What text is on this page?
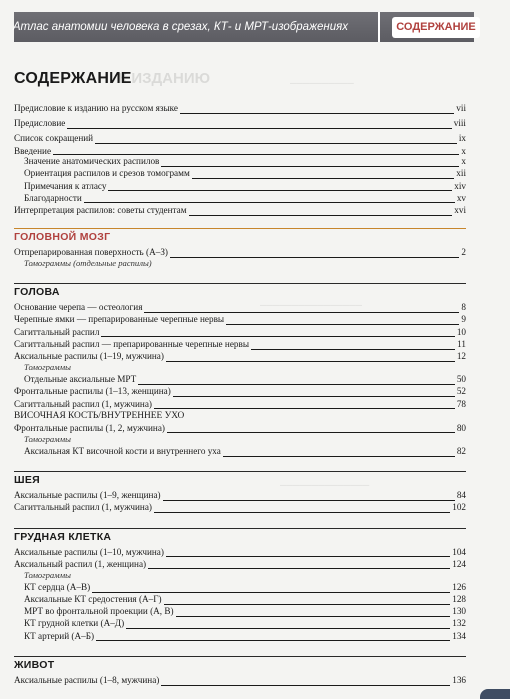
Атлас анатомии человека в срезах, КТ- и МРТ-изображениях	СОДЕРЖАНИЕ
К ИЗДАНИЮ	──────────
────────────────
──────────────
СОДЕРЖАНИЕ
Предисловие к изданию на русском языке	vii
Предисловие	viii
Список сокращений	ix
Введение	x
Значение анатомических распилов	x
Ориентация распилов и срезов томограмм	xii
Примечания к атласу	xiv
Благодарности	xv
Интерпретация распилов: советы студентам	xvi
ГОЛОВНОЙ МОЗГ
Отпрепарированная поверхность (А–З)	2
Томограммы (отдельные распилы)
ГОЛОВА
Основание черепа — остеология	8
Черепные ямки — препарированные черепные нервы	9
Сагиттальный распил	10
Сагиттальный распил — препарированные черепные нервы	11
Аксиальные распилы (1–19, мужчина)	12
Томограммы
Отдельные аксиальные МРТ	50
Фронтальные распилы (1–13, женщина)	52
Сагиттальный распил (1, мужчина)	78
ВИСОЧНАЯ КОСТЬ/ВНУТРЕННЕЕ УХО
Фронтальные распилы (1, 2, мужчина)	80
Томограммы
Аксиальная КТ височной кости и внутреннего уха	82
ШЕЯ
Аксиальные распилы (1–9, женщина)	84
Сагиттальный распил (1, мужчина)	102
ГРУДНАЯ КЛЕТКА
Аксиальные распилы (1–10, мужчина)	104
Аксиальный распил (1, женщина)	124
Томограммы
КТ сердца (А–В)	126
Аксиальные КТ средостения (А–Г)	128
МРТ во фронтальной проекции (А, В)	130
КТ грудной клетки (А–Д)	132
КТ артерий (А–Б)	134
ЖИВОТ
Аксиальные распилы (1–8, мужчина)	136
